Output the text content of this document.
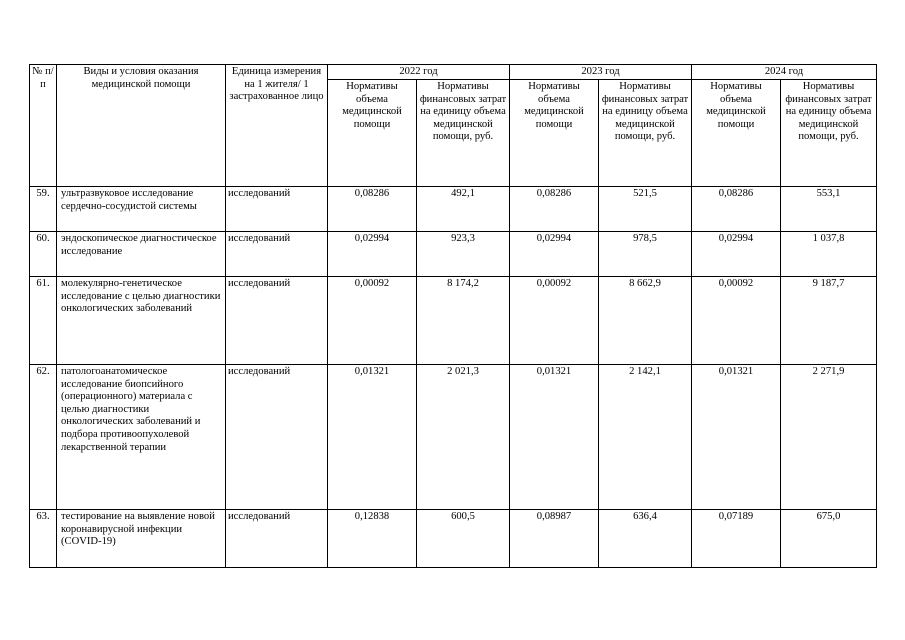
№ п/п	Виды и условия оказания медицинской помощи	Единица измерения на 1 жителя/ 1 застрахованное лицо	2022 год		2023 год		2024 год	
			Нормативы объема медицинской помощи	Нормативы финансовых затрат на единицу объема медицинской помощи, руб.	Нормативы объема медицинской помощи	Нормативы финансовых затрат на единицу объема медицинской помощи, руб.	Нормативы объема медицинской помощи	Нормативы финансовых затрат на единицу объема медицинской помощи, руб.
59.	ультразвуковое исследование сердечно-сосудистой системы	исследований	0,08286	492,1	0,08286	521,5	0,08286	553,1
60.	эндоскопическое диагностическое исследование	исследований	0,02994	923,3	0,02994	978,5	0,02994	1 037,8
61.	молекулярно-генетическое исследование с целью диагностики онкологических заболеваний	исследований	0,00092	8 174,2	0,00092	8 662,9	0,00092	9 187,7
62.	патологоанатомическое исследование биопсийного (операционного) материала с целью диагностики онкологических заболеваний и подбора противоопухолевой лекарственной терапии	исследований	0,01321	2 021,3	0,01321	2 142,1	0,01321	2 271,9
63.	тестирование на выявление новой коронавирусной инфекции (COVID-19)	исследований	0,12838	600,5	0,08987	636,4	0,07189	675,0
